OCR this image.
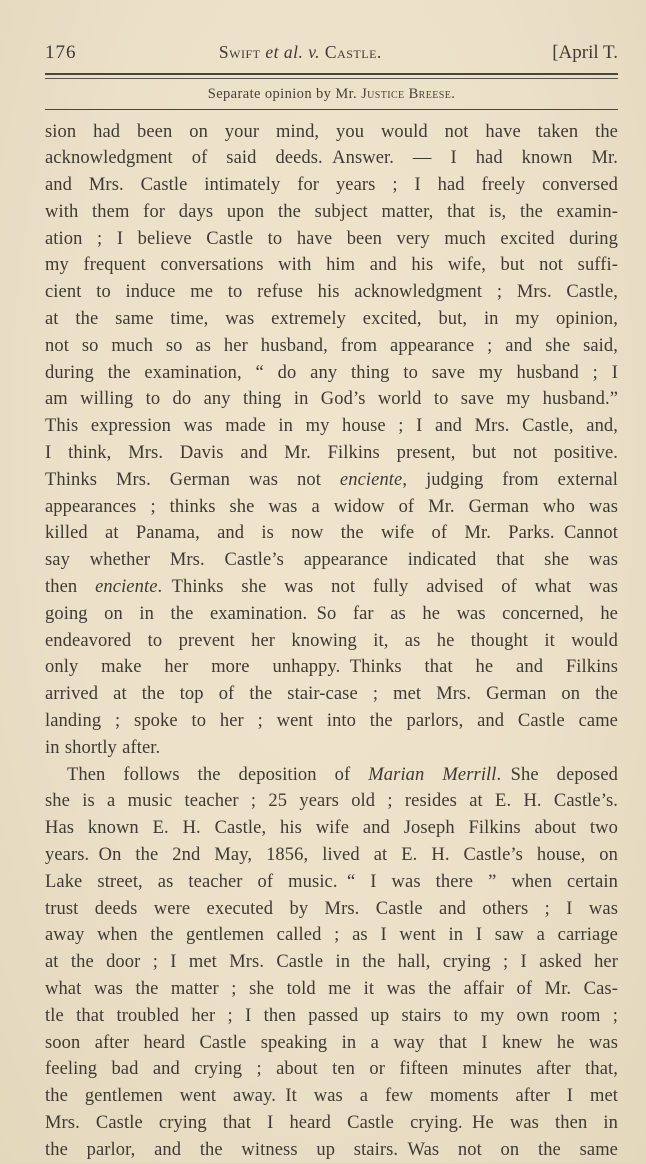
176	Swift et al. v. Castle.	[April T.
Separate opinion by Mr. Justice Breese.
sion had been on your mind, you would not have taken the
acknowledgment of said deeds. Answer. — I had known Mr.
and Mrs. Castle intimately for years ; I had freely conversed
with them for days upon the subject matter, that is, the examin-
ation ; I believe Castle to have been very much excited during
my frequent conversations with him and his wife, but not suffi-
cient to induce me to refuse his acknowledgment ; Mrs. Castle,
at the same time, was extremely excited, but, in my opinion,
not so much so as her husband, from appearance ; and she said,
during the examination, “ do any thing to save my husband ; I
am willing to do any thing in God’s world to save my husband.”
This expression was made in my house ; I and Mrs. Castle, and,
I think, Mrs. Davis and Mr. Filkins present, but not positive.
Thinks Mrs. German was not enciente, judging from external
appearances ; thinks she was a widow of Mr. German who was
killed at Panama, and is now the wife of Mr. Parks. Cannot
say whether Mrs. Castle’s appearance indicated that she was
then enciente. Thinks she was not fully advised of what was
going on in the examination. So far as he was concerned, he
endeavored to prevent her knowing it, as he thought it would
only make her more unhappy. Thinks that he and Filkins
arrived at the top of the stair-case ; met Mrs. German on the
landing ; spoke to her ; went into the parlors, and Castle came
in shortly after.
Then follows the deposition of Marian Merrill. She deposed
she is a music teacher ; 25 years old ; resides at E. H. Castle’s.
Has known E. H. Castle, his wife and Joseph Filkins about two
years. On the 2nd May, 1856, lived at E. H. Castle’s house, on
Lake street, as teacher of music. “ I was there ” when certain
trust deeds were executed by Mrs. Castle and others ; I was
away when the gentlemen called ; as I went in I saw a carriage
at the door ; I met Mrs. Castle in the hall, crying ; I asked her
what was the matter ; she told me it was the affair of Mr. Cas-
tle that troubled her ; I then passed up stairs to my own room ;
soon after heard Castle speaking in a way that I knew he was
feeling bad and crying ; about ten or fifteen minutes after that,
the gentlemen went away. It was a few moments after I met
Mrs. Castle crying that I heard Castle crying. He was then in
the parlor, and the witness up stairs. Was not on the same
